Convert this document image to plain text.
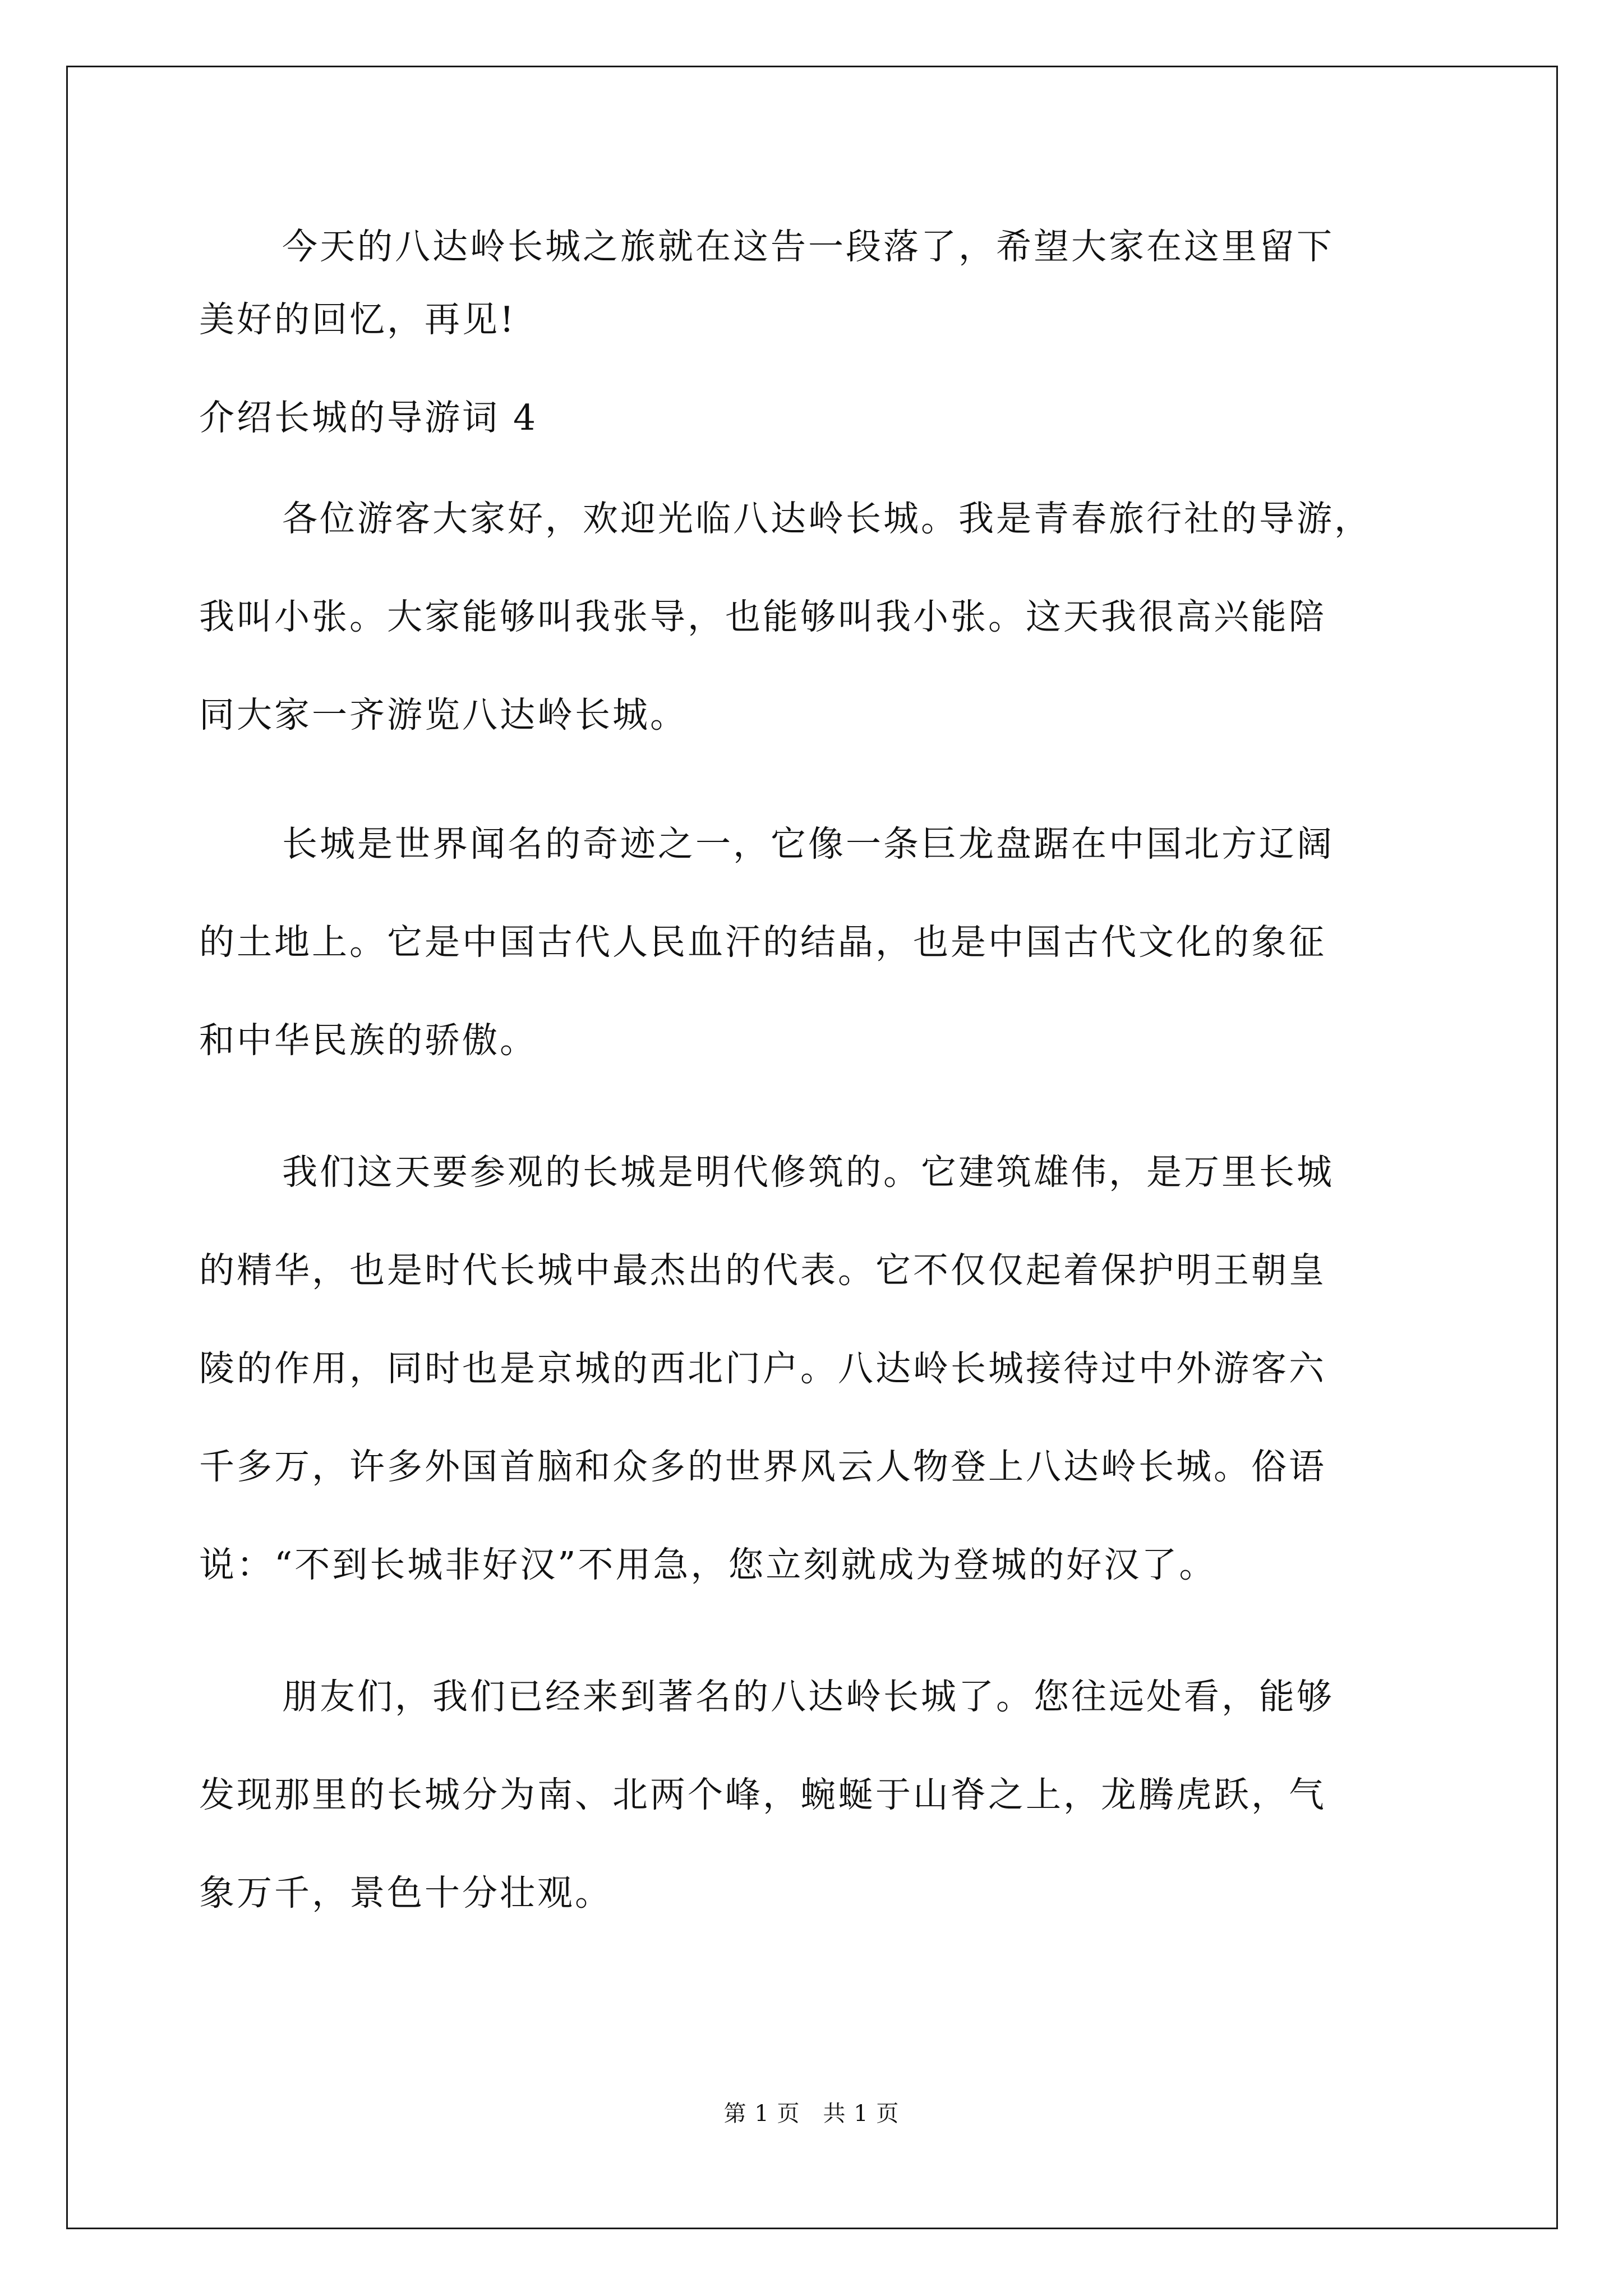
今天的八达岭长城之旅就在这告一段落了，希望大家在这里留下
美好的回忆，再见!
介绍长城的导游词 4
各位游客大家好，欢迎光临八达岭长城。我是青春旅行社的导游，
我叫小张。大家能够叫我张导，也能够叫我小张。这天我很高兴能陪
同大家一齐游览八达岭长城。
长城是世界闻名的奇迹之一，它像一条巨龙盘踞在中国北方辽阔
的土地上。它是中国古代人民血汗的结晶，也是中国古代文化的象征
和中华民族的骄傲。
我们这天要参观的长城是明代修筑的。它建筑雄伟，是万里长城
的精华，也是时代长城中最杰出的代表。它不仅仅起着保护明王朝皇
陵的作用，同时也是京城的西北门户。八达岭长城接待过中外游客六
千多万，许多外国首脑和众多的世界风云人物登上八达岭长城。俗语
说：“不到长城非好汉”不用急，您立刻就成为登城的好汉了。
朋友们，我们已经来到著名的八达岭长城了。您往远处看，能够
发现那里的长城分为南、北两个峰，蜿蜒于山脊之上，龙腾虎跃，气
象万千，景色十分壮观。
第 1 页　共 1 页
